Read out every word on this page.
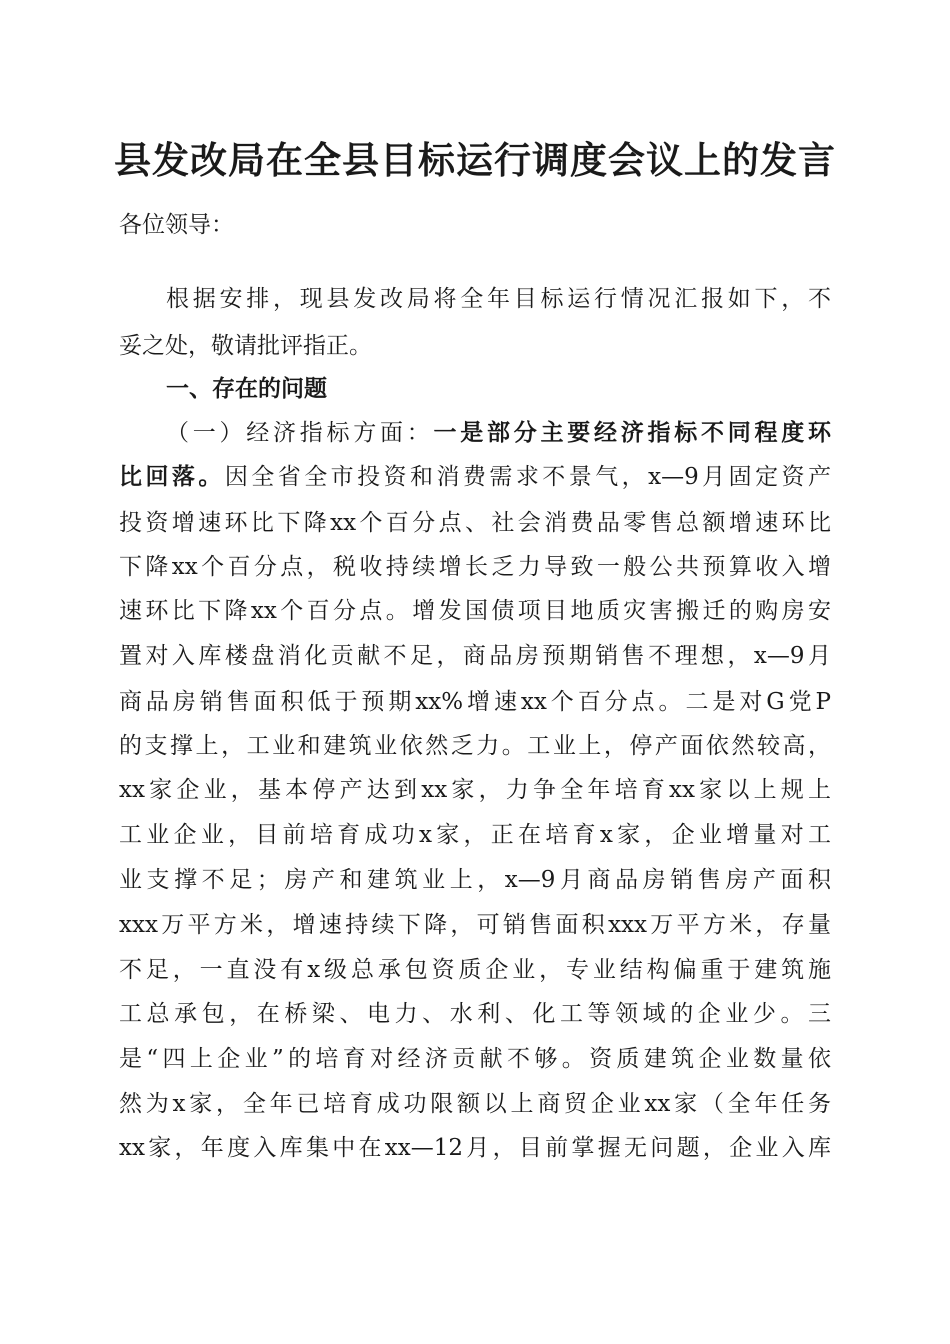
县发改局在全县目标运行调度会议上的发言

各位领导：

根据安排，现县发改局将全年目标运行情况汇报如下，不

妥之处，敬请批评指正。

一、存在的问题

（一）经济指标方面：一是部分主要经济指标不同程度环

比回落。因全省全市投资和消费需求不景气，x—9月固定资产

投资增速环比下降xx个百分点、社会消费品零售总额增速环比

下降xx个百分点，税收持续增长乏力导致一般公共预算收入增

速环比下降xx个百分点。增发国债项目地质灾害搬迁的购房安

置对入库楼盘消化贡献不足，商品房预期销售不理想，x—9月

商品房销售面积低于预期xx%增速xx个百分点。二是对G党P

的支撑上，工业和建筑业依然乏力。工业上，停产面依然较高，

xx家企业，基本停产达到xx家，力争全年培育xx家以上规上

工业企业，目前培育成功x家，正在培育x家，企业增量对工

业支撑不足；房产和建筑业上，x—9月商品房销售房产面积

xxx万平方米，增速持续下降，可销售面积xxx万平方米，存量

不足，一直没有x级总承包资质企业，专业结构偏重于建筑施

工总承包，在桥梁、电力、水利、化工等领域的企业少。三

是“四上企业”的培育对经济贡献不够。资质建筑企业数量依

然为x家，全年已培育成功限额以上商贸企业xx家（全年任务

xx家，年度入库集中在xx—12月，目前掌握无问题，企业入库
